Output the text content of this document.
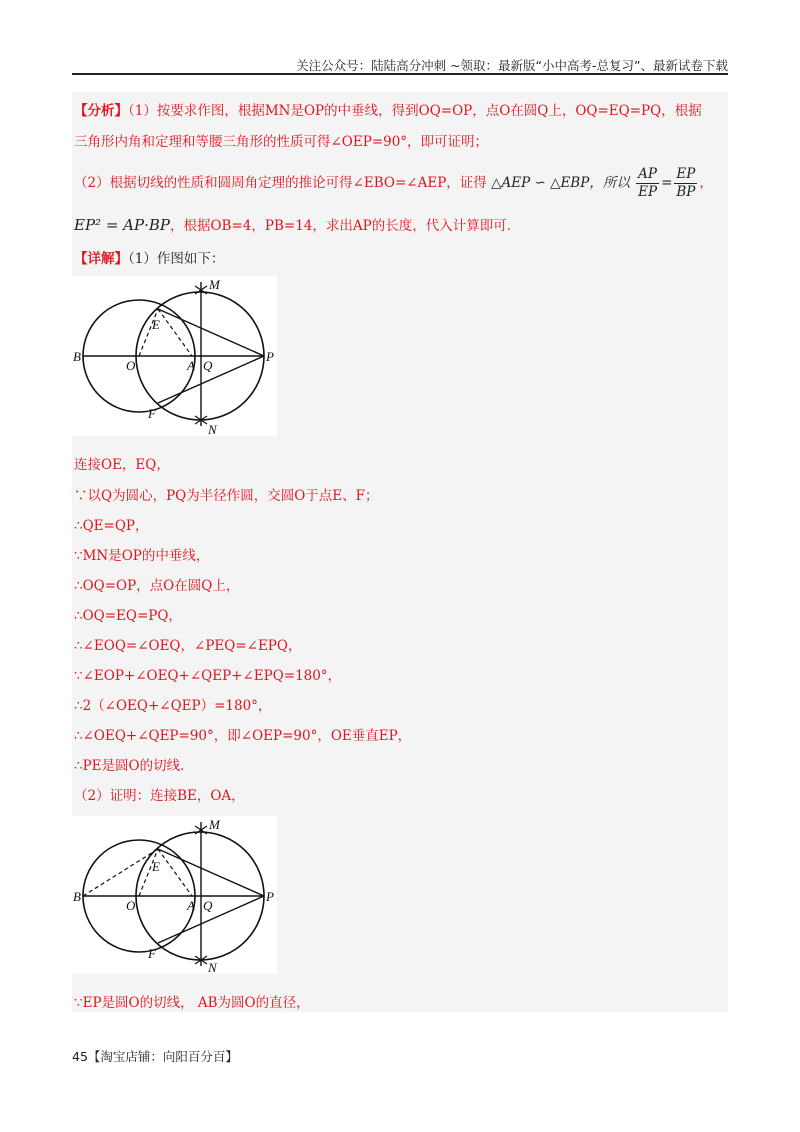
关注公众号：陆陆高分冲刺 ~领取：最新版“小中高考-总复习”、最新试卷下载
【分析】（1）按要求作图，根据MN是OP的中垂线，得到OQ=OP，点O在圆Q上，OQ=EQ=PQ，根据
三角形内角和定理和等腰三角形的性质可得∠OEP=90°，即可证明；
（2）根据切线的性质和圆周角定理的推论可得∠EBO=∠AEP，证得 △AEP ∽ △EBP，所以 $\frac{AP}{EP} = \frac{EP}{BP}$ ，
EP² = AP·BP，根据OB=4，PB=14，求出AP的长度，代入计算即可．
【详解】（1）作图如下：
M
E
B
O	A Q
P
F
N
连接OE，EQ，
∵以Q为圆心，PQ为半径作圆，交圆O于点E、F；
∴QE=QP，
∵MN是OP的中垂线，
∴OQ=OP，点O在圆Q上，
∴OQ=EQ=PQ，
∴∠EOQ=∠OEQ，∠PEQ=∠EPQ，
∵∠EOP+∠OEQ+∠QEP+∠EPQ=180°，
∴2（∠OEQ+∠QEP）=180°，
∴∠OEQ+∠QEP=90°，即∠OEP=90°，OE垂直EP，
∴PE是圆O的切线．
（2）证明：连接BE，OA，
M
E
B
O	A Q
P
F
N
∵EP是圆O的切线， AB为圆O的直径，
45【淘宝店铺：向阳百分百】
